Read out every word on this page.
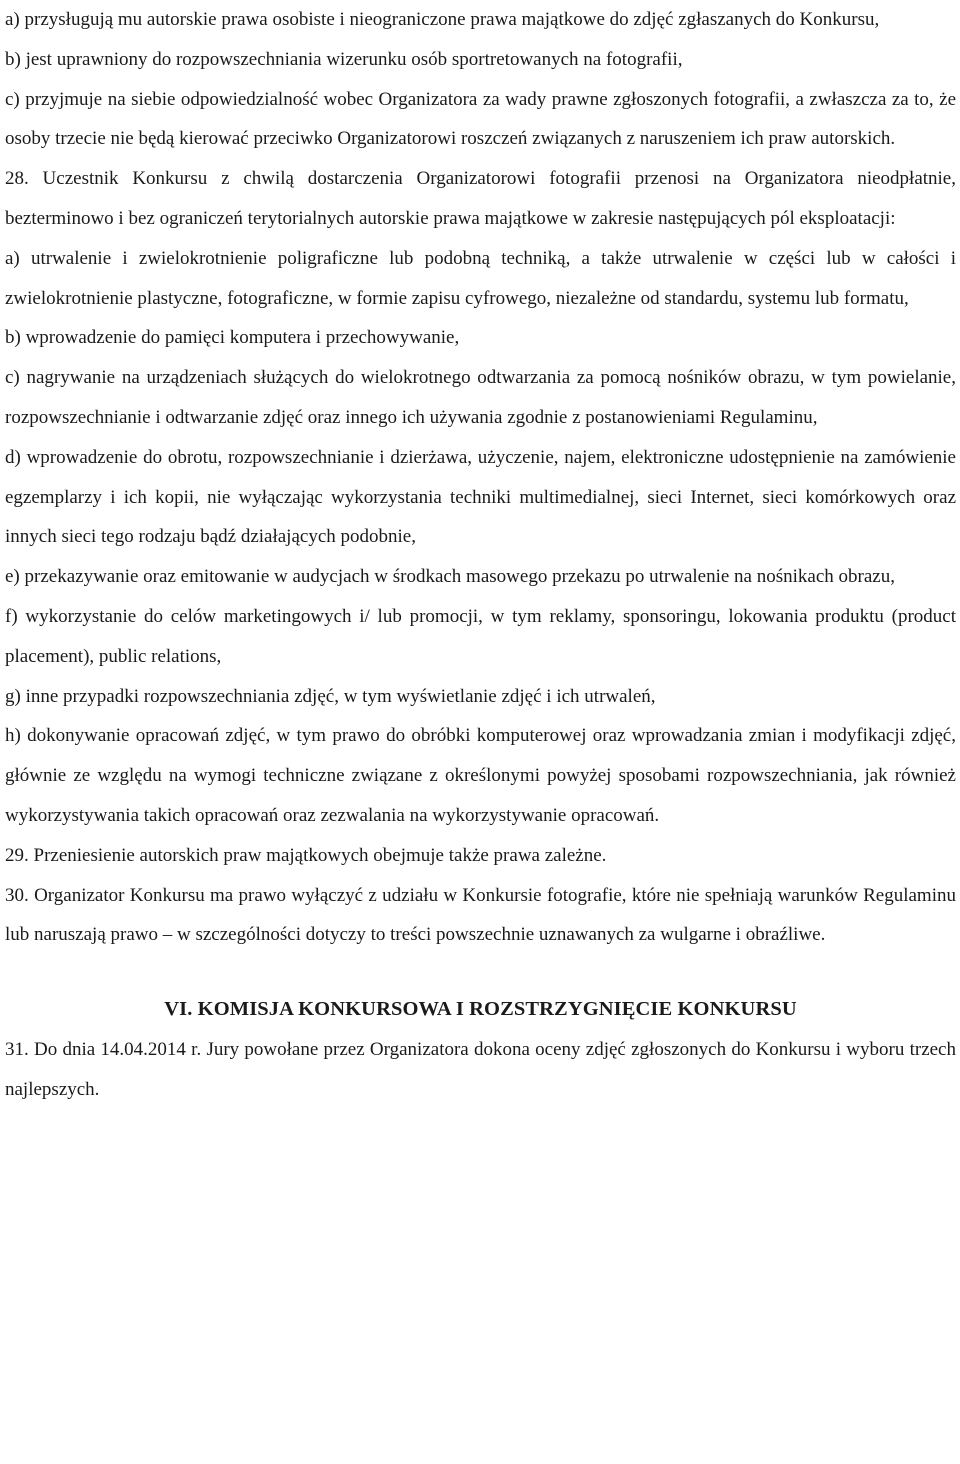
a) przysługują mu autorskie prawa osobiste i nieograniczone prawa majątkowe do zdjęć zgłaszanych do Konkursu,

b) jest uprawniony do rozpowszechniania wizerunku osób sportretowanych na fotografii,

c) przyjmuje na siebie odpowiedzialność wobec Organizatora za wady prawne zgłoszonych fotografii, a zwłaszcza za to, że osoby trzecie nie będą kierować przeciwko Organizatorowi roszczeń związanych z naruszeniem ich praw autorskich.

28. Uczestnik Konkursu z chwilą dostarczenia Organizatorowi fotografii przenosi na Organizatora nieodpłatnie, bezterminowo i bez ograniczeń terytorialnych autorskie prawa majątkowe w zakresie następujących pól eksploatacji:

a) utrwalenie i zwielokrotnienie poligraficzne lub podobną techniką, a także utrwalenie w części lub w całości i zwielokrotnienie plastyczne, fotograficzne, w formie zapisu cyfrowego, niezależne od standardu, systemu lub formatu,

b) wprowadzenie do pamięci komputera i przechowywanie,

c) nagrywanie na urządzeniach służących do wielokrotnego odtwarzania za pomocą nośników obrazu, w tym powielanie, rozpowszechnianie i odtwarzanie zdjęć oraz innego ich używania zgodnie z postanowieniami Regulaminu,

d) wprowadzenie do obrotu, rozpowszechnianie i dzierżawa, użyczenie, najem, elektroniczne udostępnienie na zamówienie egzemplarzy i ich kopii, nie wyłączając wykorzystania techniki multimedialnej, sieci Internet, sieci komórkowych oraz innych sieci tego rodzaju bądź działających podobnie,

e) przekazywanie oraz emitowanie w audycjach w środkach masowego przekazu po utrwalenie na nośnikach obrazu,

f) wykorzystanie do celów marketingowych i/ lub promocji, w tym reklamy, sponsoringu, lokowania produktu (product placement), public relations,

g) inne przypadki rozpowszechniania zdjęć, w tym wyświetlanie zdjęć i ich utrwaleń,

h) dokonywanie opracowań zdjęć, w tym prawo do obróbki komputerowej oraz wprowadzania zmian i modyfikacji zdjęć, głównie ze względu na wymogi techniczne związane z określonymi powyżej sposobami rozpowszechniania, jak również wykorzystywania takich opracowań oraz zezwalania na wykorzystywanie opracowań.

29. Przeniesienie autorskich praw majątkowych obejmuje także prawa zależne.

30. Organizator Konkursu ma prawo wyłączyć z udziału w Konkursie fotografie, które nie spełniają warunków Regulaminu lub naruszają prawo – w szczególności dotyczy to treści powszechnie uznawanych za wulgarne i obraźliwe.

VI. KOMISJA KONKURSOWA I ROZSTRZYGNIĘCIE KONKURSU

31. Do dnia 14.04.2014 r. Jury powołane przez Organizatora dokona oceny zdjęć zgłoszonych do Konkursu i wyboru trzech najlepszych.
